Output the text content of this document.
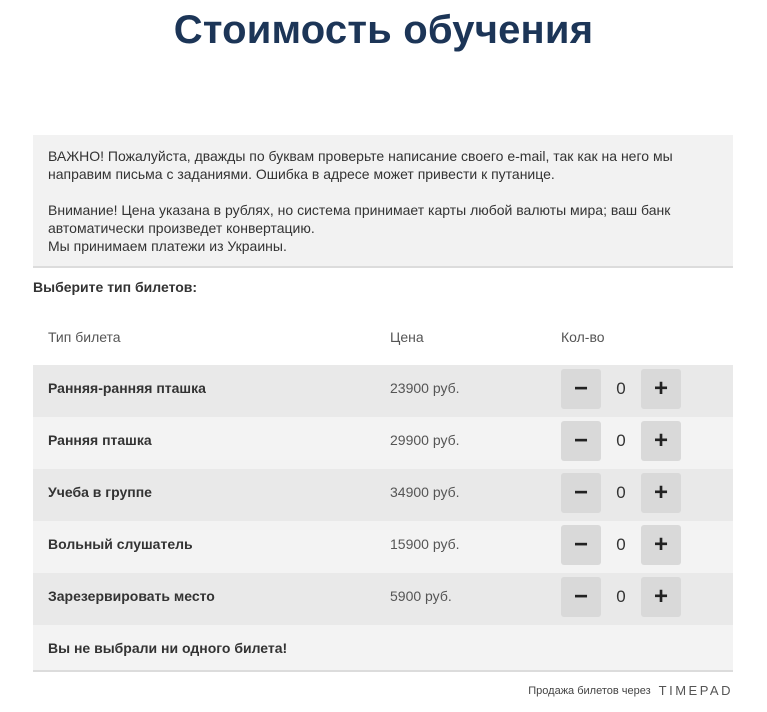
Стоимость обучения

ВАЖНО! Пожалуйста, дважды по буквам проверьте написание своего e-mail, так как на него мы направим письма с заданиями. Ошибка в адресе может привести к путанице.

Внимание! Цена указана в рублях, но система принимает карты любой валюты мира; ваш банк автоматически произведет конвертацию.

Мы принимаем платежи из Украины.

Выберите тип билетов:
Тип билета	Цена	Кол-во
Ранняя-ранняя пташка	23900 руб.	−	0	+
Ранняя пташка	29900 руб.	−	0	+
Учеба в группе	34900 руб.	−	0	+
Вольный слушатель	15900 руб.	−	0	+
Зарезервировать место	5900 руб.	−	0	+
Вы не выбрали ни одного билета!
Продажа билетов через TIMEPAD
